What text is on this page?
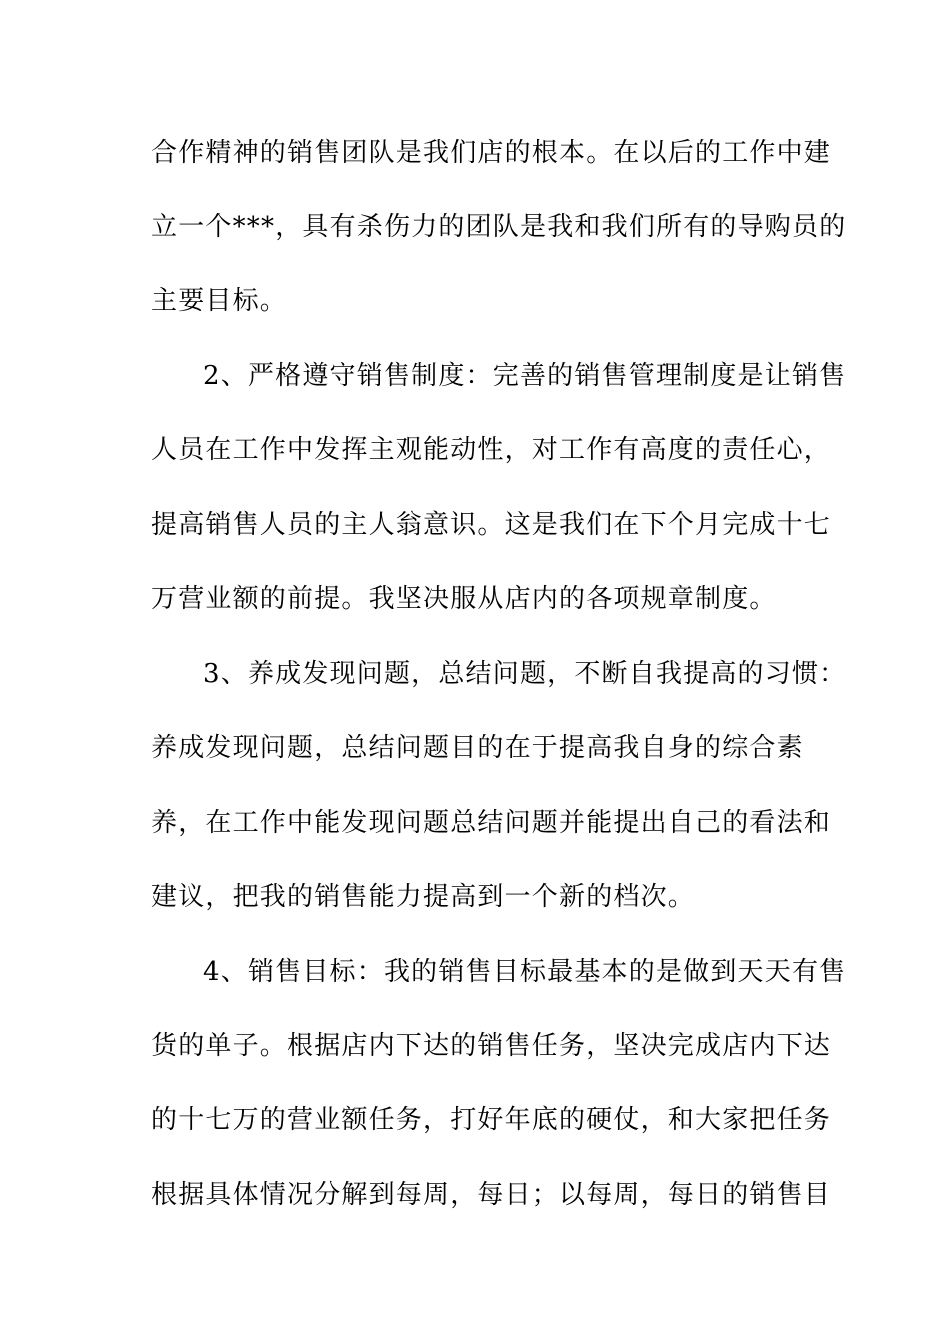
合作精神的销售团队是我们店的根本。在以后的工作中建
立一个***，具有杀伤力的团队是我和我们所有的导购员的
主要目标。
2、严格遵守销售制度：完善的销售管理制度是让销售
人员在工作中发挥主观能动性，对工作有高度的责任心，
提高销售人员的主人翁意识。这是我们在下个月完成十七
万营业额的前提。我坚决服从店内的各项规章制度。
3、养成发现问题，总结问题，不断自我提高的习惯：
养成发现问题，总结问题目的在于提高我自身的综合素
养，在工作中能发现问题总结问题并能提出自己的看法和
建议，把我的销售能力提高到一个新的档次。
4、销售目标：我的销售目标最基本的是做到天天有售
货的单子。根据店内下达的销售任务，坚决完成店内下达
的十七万的营业额任务，打好年底的硬仗，和大家把任务
根据具体情况分解到每周，每日；以每周，每日的销售目
